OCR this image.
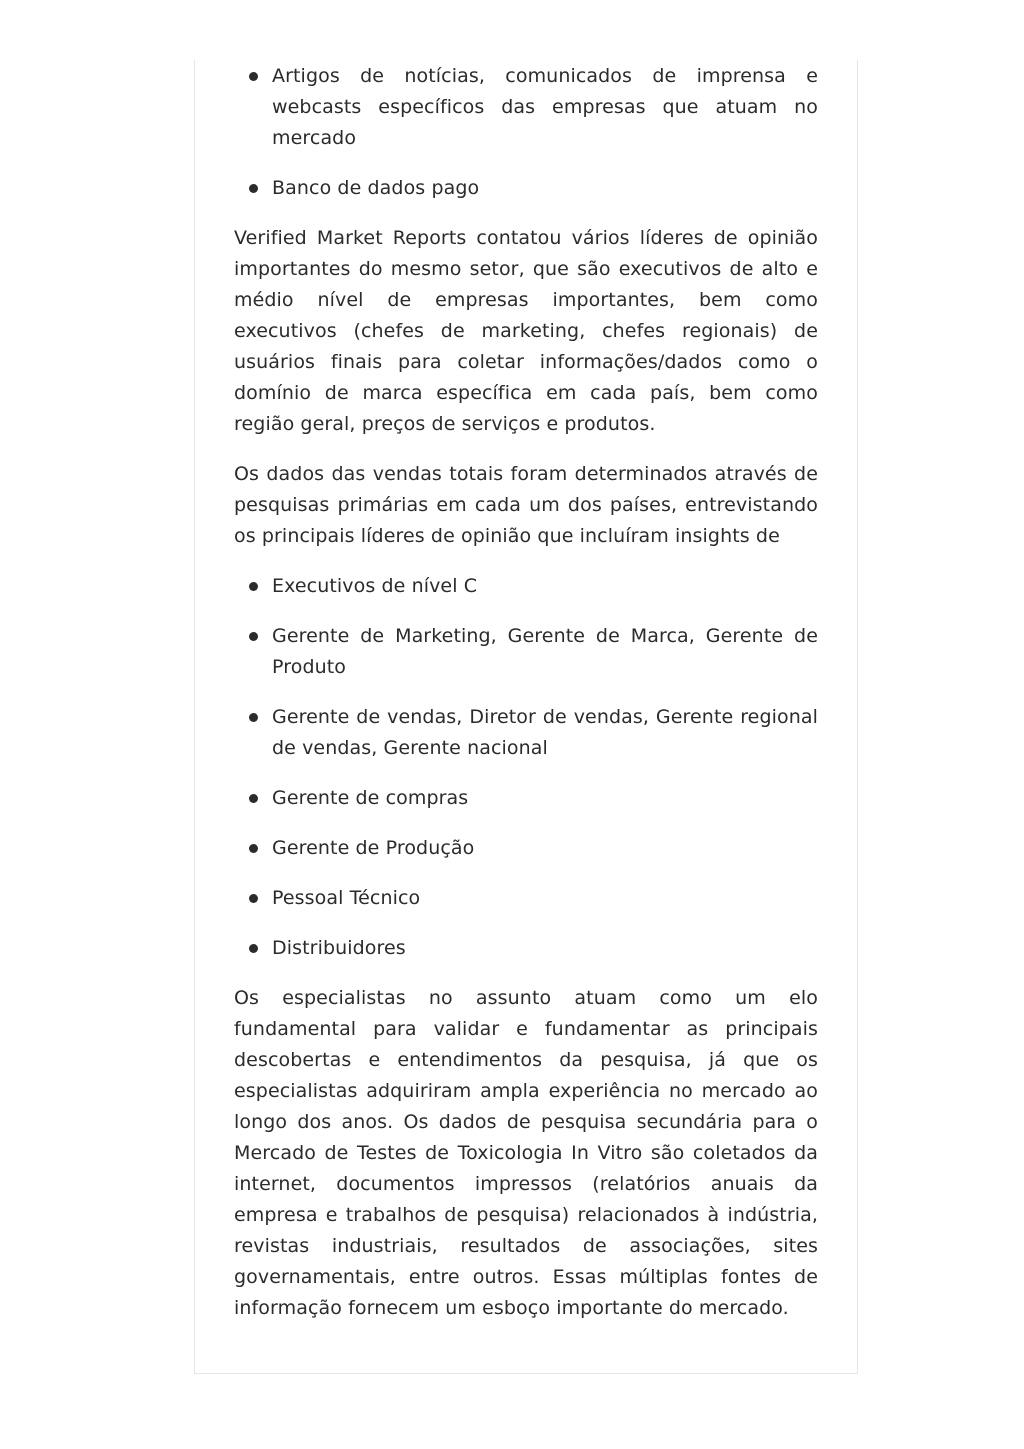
Artigos de notícias, comunicados de imprensa e webcasts específicos das empresas que atuam no mercado
Banco de dados pago

Verified Market Reports contatou vários líderes de opinião importantes do mesmo setor, que são executivos de alto e médio nível de empresas importantes, bem como executivos (chefes de marketing, chefes regionais) de usuários finais para coletar informações/dados como o domínio de marca específica em cada país, bem como região geral, preços de serviços e produtos.

Os dados das vendas totais foram determinados através de pesquisas primárias em cada um dos países, entrevistando os principais líderes de opinião que incluíram insights de

Executivos de nível C
Gerente de Marketing, Gerente de Marca, Gerente de Produto
Gerente de vendas, Diretor de vendas, Gerente regional de vendas, Gerente nacional
Gerente de compras
Gerente de Produção
Pessoal Técnico
Distribuidores

Os especialistas no assunto atuam como um elo fundamental para validar e fundamentar as principais descobertas e entendimentos da pesquisa, já que os especialistas adquiriram ampla experiência no mercado ao longo dos anos. Os dados de pesquisa secundária para o Mercado de Testes de Toxicologia In Vitro são coletados da internet, documentos impressos (relatórios anuais da empresa e trabalhos de pesquisa) relacionados à indústria, revistas industriais, resultados de associações, sites governamentais, entre outros. Essas múltiplas fontes de informação fornecem um esboço importante do mercado.
